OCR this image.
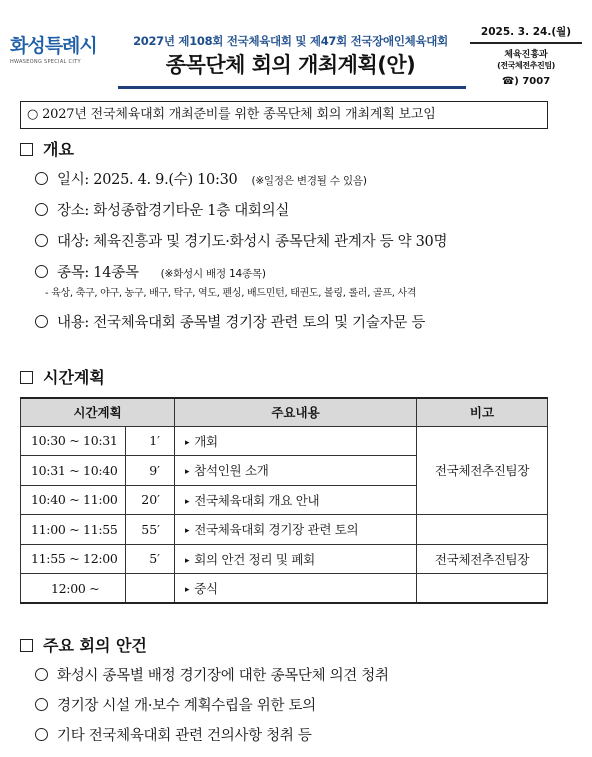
화성특례시
HWASEONG SPECIAL CITY
2027년 제108회 전국체육대회 및 제47회 전국장애인체육대회
종목단체 회의 개최계획(안)
2025. 3. 24.(월)
체육진흥과
(전국체전추진팀)
☎) 7007
○ 2027년 전국체육대회 개최준비를 위한 종목단체 회의 개최계획 보고임
개요
일시: 2025. 4. 9.(수) 10:30 (※일정은 변경될 수 있음)
장소: 화성종합경기타운 1층 대회의실
대상: 체육진흥과 및 경기도·화성시 종목단체 관계자 등 약 30명
종목: 14종목 (※화성시 배정 14종목)
- 육상, 축구, 야구, 농구, 배구, 탁구, 역도, 펜싱, 배드민턴, 태권도, 볼링, 롤러, 골프, 사격
내용: 전국체육대회 종목별 경기장 관련 토의 및 기술자문 등
시간계획
시간계획		주요내용	비고
10:30 ~ 10:31	1′	▸ 개회	전국체전추진팀장
10:31 ~ 10:40	9′	▸ 참석인원 소개	
10:40 ~ 11:00	20′	▸ 전국체육대회 개요 안내	
11:00 ~ 11:55	55′	▸ 전국체육대회 경기장 관련 토의	
11:55 ~ 12:00	5′	▸ 회의 안건 정리 및 폐회	전국체전추진팀장
12:00 ~		▸ 중식	
주요 회의 안건
화성시 종목별 배정 경기장에 대한 종목단체 의견 청취
경기장 시설 개·보수 계획수립을 위한 토의
기타 전국체육대회 관련 건의사항 청취 등
